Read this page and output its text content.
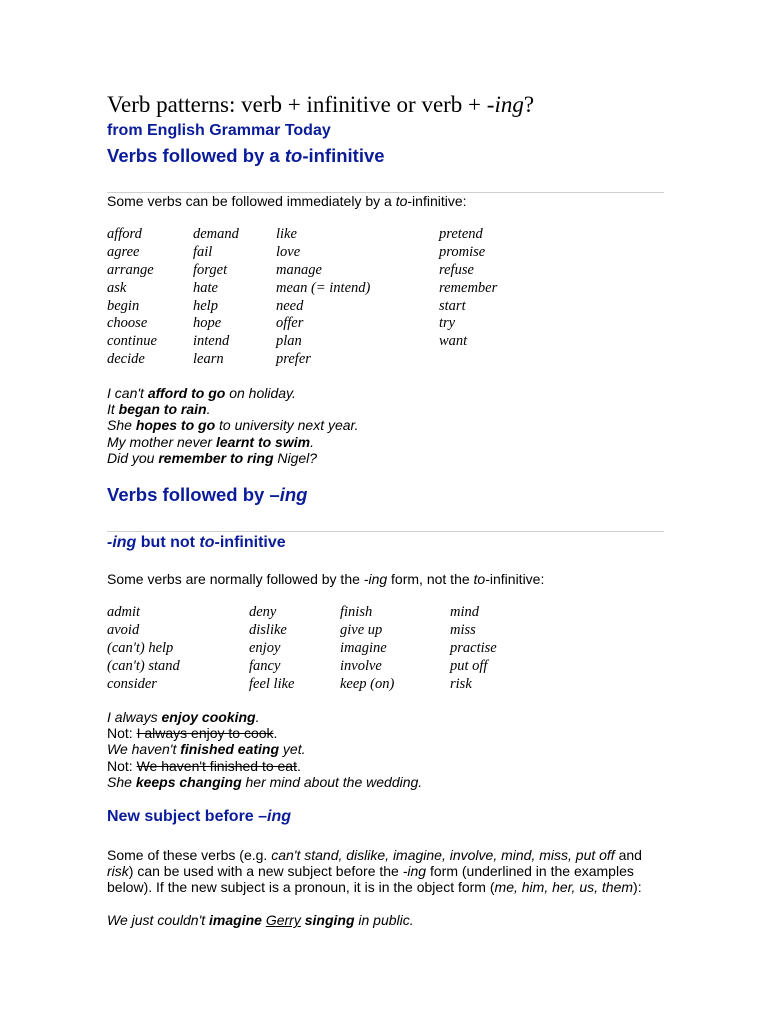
Verb patterns: verb + infinitive or verb + -ing?
from English Grammar Today
Verbs followed by a to-infinitive
Some verbs can be followed immediately by a to-infinitive:
afford
agree
arrange
ask
begin
choose
continue
decide
demand
fail
forget
hate
help
hope
intend
learn
like
love
manage
mean (= intend)
need
offer
plan
prefer
pretend
promise
refuse
remember
start
try
want
I can't afford to go on holiday.
It began to rain.
She hopes to go to university next year.
My mother never learnt to swim.
Did you remember to ring Nigel?
Verbs followed by –ing
-ing but not to-infinitive
Some verbs are normally followed by the -ing form, not the to-infinitive:
admit
avoid
(can't) help
(can't) stand
consider
deny
dislike
enjoy
fancy
feel like
finish
give up
imagine
involve
keep (on)
mind
miss
practise
put off
risk
I always enjoy cooking.
Not: I always enjoy to cook.
We haven't finished eating yet.
Not: We haven't finished to eat.
She keeps changing her mind about the wedding.
New subject before –ing
Some of these verbs (e.g. can't stand, dislike, imagine, involve, mind, miss, put off and risk) can be used with a new subject before the -ing form (underlined in the examples below). If the new subject is a pronoun, it is in the object form (me, him, her, us, them):
We just couldn't imagine Gerry singing in public.
